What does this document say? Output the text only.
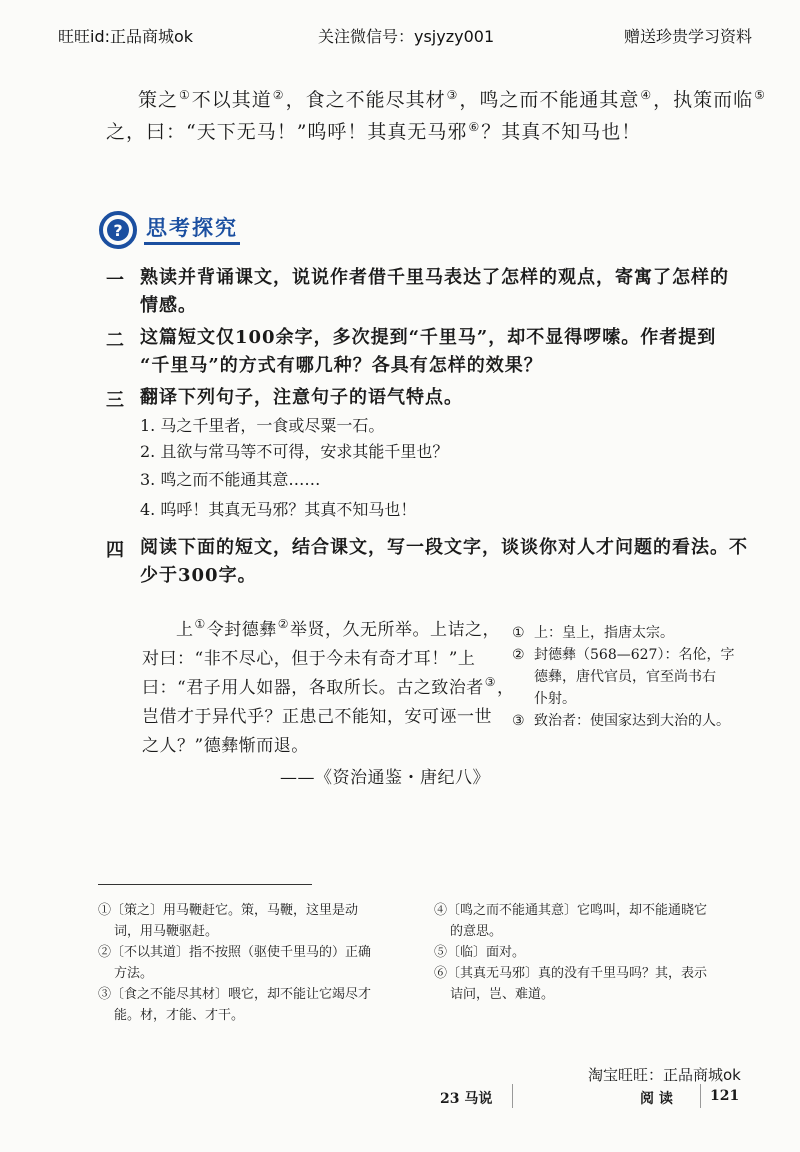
旺旺id:正品商城ok	关注微信号：ysjyzy001	赠送珍贵学习资料
策之①不以其道②，食之不能尽其材③，鸣之而不能通其意④，执策而临⑤
之，曰：“天下无马！”呜呼！其真无马邪⑥？其真不知马也！
? 思考探究
一 熟读并背诵课文，说说作者借千里马表达了怎样的观点，寄寓了怎样的
情感。
二 这篇短文仅100余字，多次提到“千里马”，却不显得啰嗦。作者提到
“千里马”的方式有哪几种？各具有怎样的效果？
三 翻译下列句子，注意句子的语气特点。
1. 马之千里者，一食或尽粟一石。
2. 且欲与常马等不可得，安求其能千里也？
3. 鸣之而不能通其意……
4. 呜呼！其真无马邪？其真不知马也！
四 阅读下面的短文，结合课文，写一段文字，谈谈你对人才问题的看法。不
少于300字。
上①令封德彝②举贤，久无所举。上诘之，
对曰：“非不尽心，但于今未有奇才耳！”上
曰：“君子用人如器，各取所长。古之致治者③，
岂借才于异代乎？正患己不能知，安可诬一世
之人？”德彝惭而退。
——《资治通鉴・唐纪八》
① 上：皇上，指唐太宗。
② 封德彝（568—627）：名伦，字
德彝，唐代官员，官至尚书右
仆射。
③ 致治者：使国家达到大治的人。
①〔策之〕用马鞭赶它。策，马鞭，这里是动
词，用马鞭驱赶。
②〔不以其道〕指不按照（驱使千里马的）正确
方法。
③〔食之不能尽其材〕喂它，却不能让它竭尽才
能。材，才能、才干。
④〔鸣之而不能通其意〕它鸣叫，却不能通晓它
的意思。
⑤〔临〕面对。
⑥〔其真无马邪〕真的没有千里马吗？其，表示
诘问，岂、难道。
淘宝旺旺：正品商城ok
23 马说	阅 读	121
